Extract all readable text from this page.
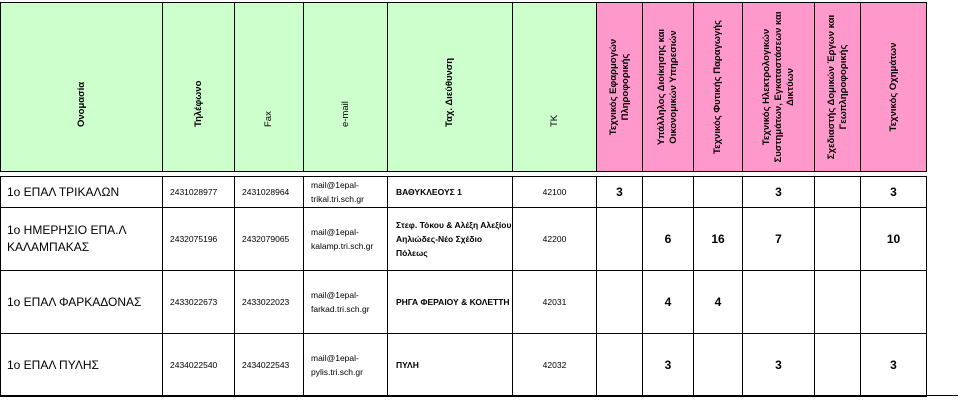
Ονομασία	Τηλέφωνο	Fax	e-mail	Ταχ. Διεύθυνση	ΤΚ	Τεχνικός Εφαρμογών Πληροφορικής	Υπάλληλος Διοίκησης και Οικονομικών Υπηρεσιών	Τεχνικός Φυτικής Παραγωγής	Τεχνικός Ηλεκτρολογικών Συστημάτων, Εγκαταστάσεων και Δικτύων	Σχεδιαστής Δομικών Έργων και Γεωπληροφορικής	Τεχνικός Οχημάτων

1ο ΕΠΑΛ ΤΡΙΚΑΛΩΝ	2431028977	2431028964	mail@1epal-trikal.tri.sch.gr	ΒΑΘΥΚΛΕΟΥΣ 1	42100	3			3		3
1ο ΗΜΕΡΗΣΙΟ ΕΠΑ.Λ ΚΑΛΑΜΠΑΚΑΣ	2432075196	2432079065	mail@1epal-kalamp.tri.sch.gr	Στεφ. Τόκου & Αλέξη Αλεξίου Αηλιώδες-Νέο Σχέδιο Πόλεως	42200		6	16	7		10
1ο ΕΠΑΛ ΦΑΡΚΑΔΟΝΑΣ	2433022673	2433022023	mail@1epal-farkad.tri.sch.gr	ΡΗΓΑ ΦΕΡΑΙΟΥ & ΚΟΛΕΤΤΗ	42031		4	4			
1ο ΕΠΑΛ ΠΥΛΗΣ	2434022540	2434022543	mail@1epal-pylis.tri.sch.gr	ΠΥΛΗ	42032		3		3		3
